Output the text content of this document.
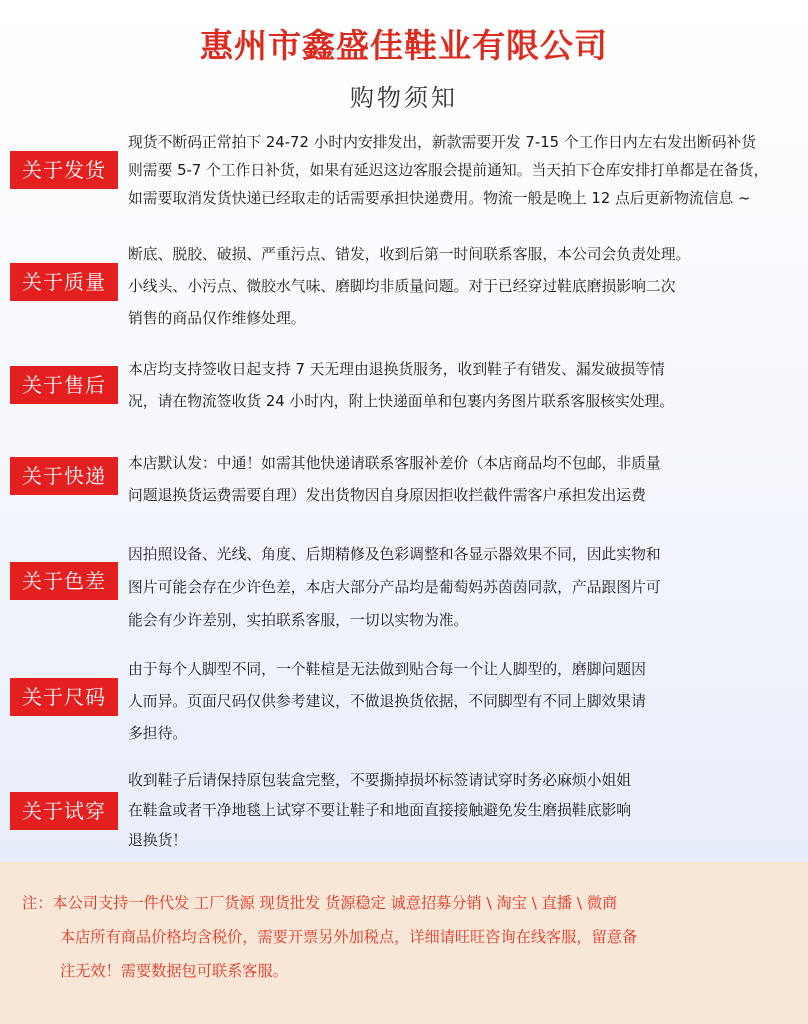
惠州市鑫盛佳鞋业有限公司
购物须知
关于发货
现货不断码正常拍下 24-72 小时内安排发出，新款需要开发 7-15 个工作日内左右发出断码补货
则需要 5-7 个工作日补货，如果有延迟这边客服会提前通知。当天拍下仓库安排打单都是在备货，
如需要取消发货快递已经取走的话需要承担快递费用。物流一般是晚上 12 点后更新物流信息 ~
关于质量
断底、脱胶、破损、严重污点、错发，收到后第一时间联系客服，本公司会负责处理。
小线头、小污点、微胶水气味、磨脚均非质量问题。对于已经穿过鞋底磨损影响二次
销售的商品仅作维修处理。
关于售后
本店均支持签收日起支持 7 天无理由退换货服务，收到鞋子有错发、漏发破损等情
况，请在物流签收货 24 小时内，附上快递面单和包裹内务图片联系客服核实处理。
关于快递
本店默认发：中通！如需其他快递请联系客服补差价（本店商品均不包邮，非质量
问题退换货运费需要自理）发出货物因自身原因拒收拦截件需客户承担发出运费
关于色差
因拍照设备、光线、角度、后期精修及色彩调整和各显示器效果不同，因此实物和
图片可能会存在少许色差，本店大部分产品均是葡萄妈苏茵茵同款，产品跟图片可
能会有少许差别，实拍联系客服，一切以实物为准。
关于尺码
由于每个人脚型不同，一个鞋楦是无法做到贴合每一个让人脚型的，磨脚问题因
人而异。页面尺码仅供参考建议，不做退换货依据，不同脚型有不同上脚效果请
多担待。
关于试穿
收到鞋子后请保持原包装盒完整，不要撕掉损坏标签请试穿时务必麻烦小姐姐
在鞋盒或者干净地毯上试穿不要让鞋子和地面直接接触避免发生磨损鞋底影响
退换货！
注：本公司支持一件代发 工厂货源 现货批发 货源稳定 诚意招募分销 \ 淘宝 \ 直播 \ 微商
本店所有商品价格均含税价，需要开票另外加税点，详细请旺旺咨询在线客服，留意备
注无效！需要数据包可联系客服。
